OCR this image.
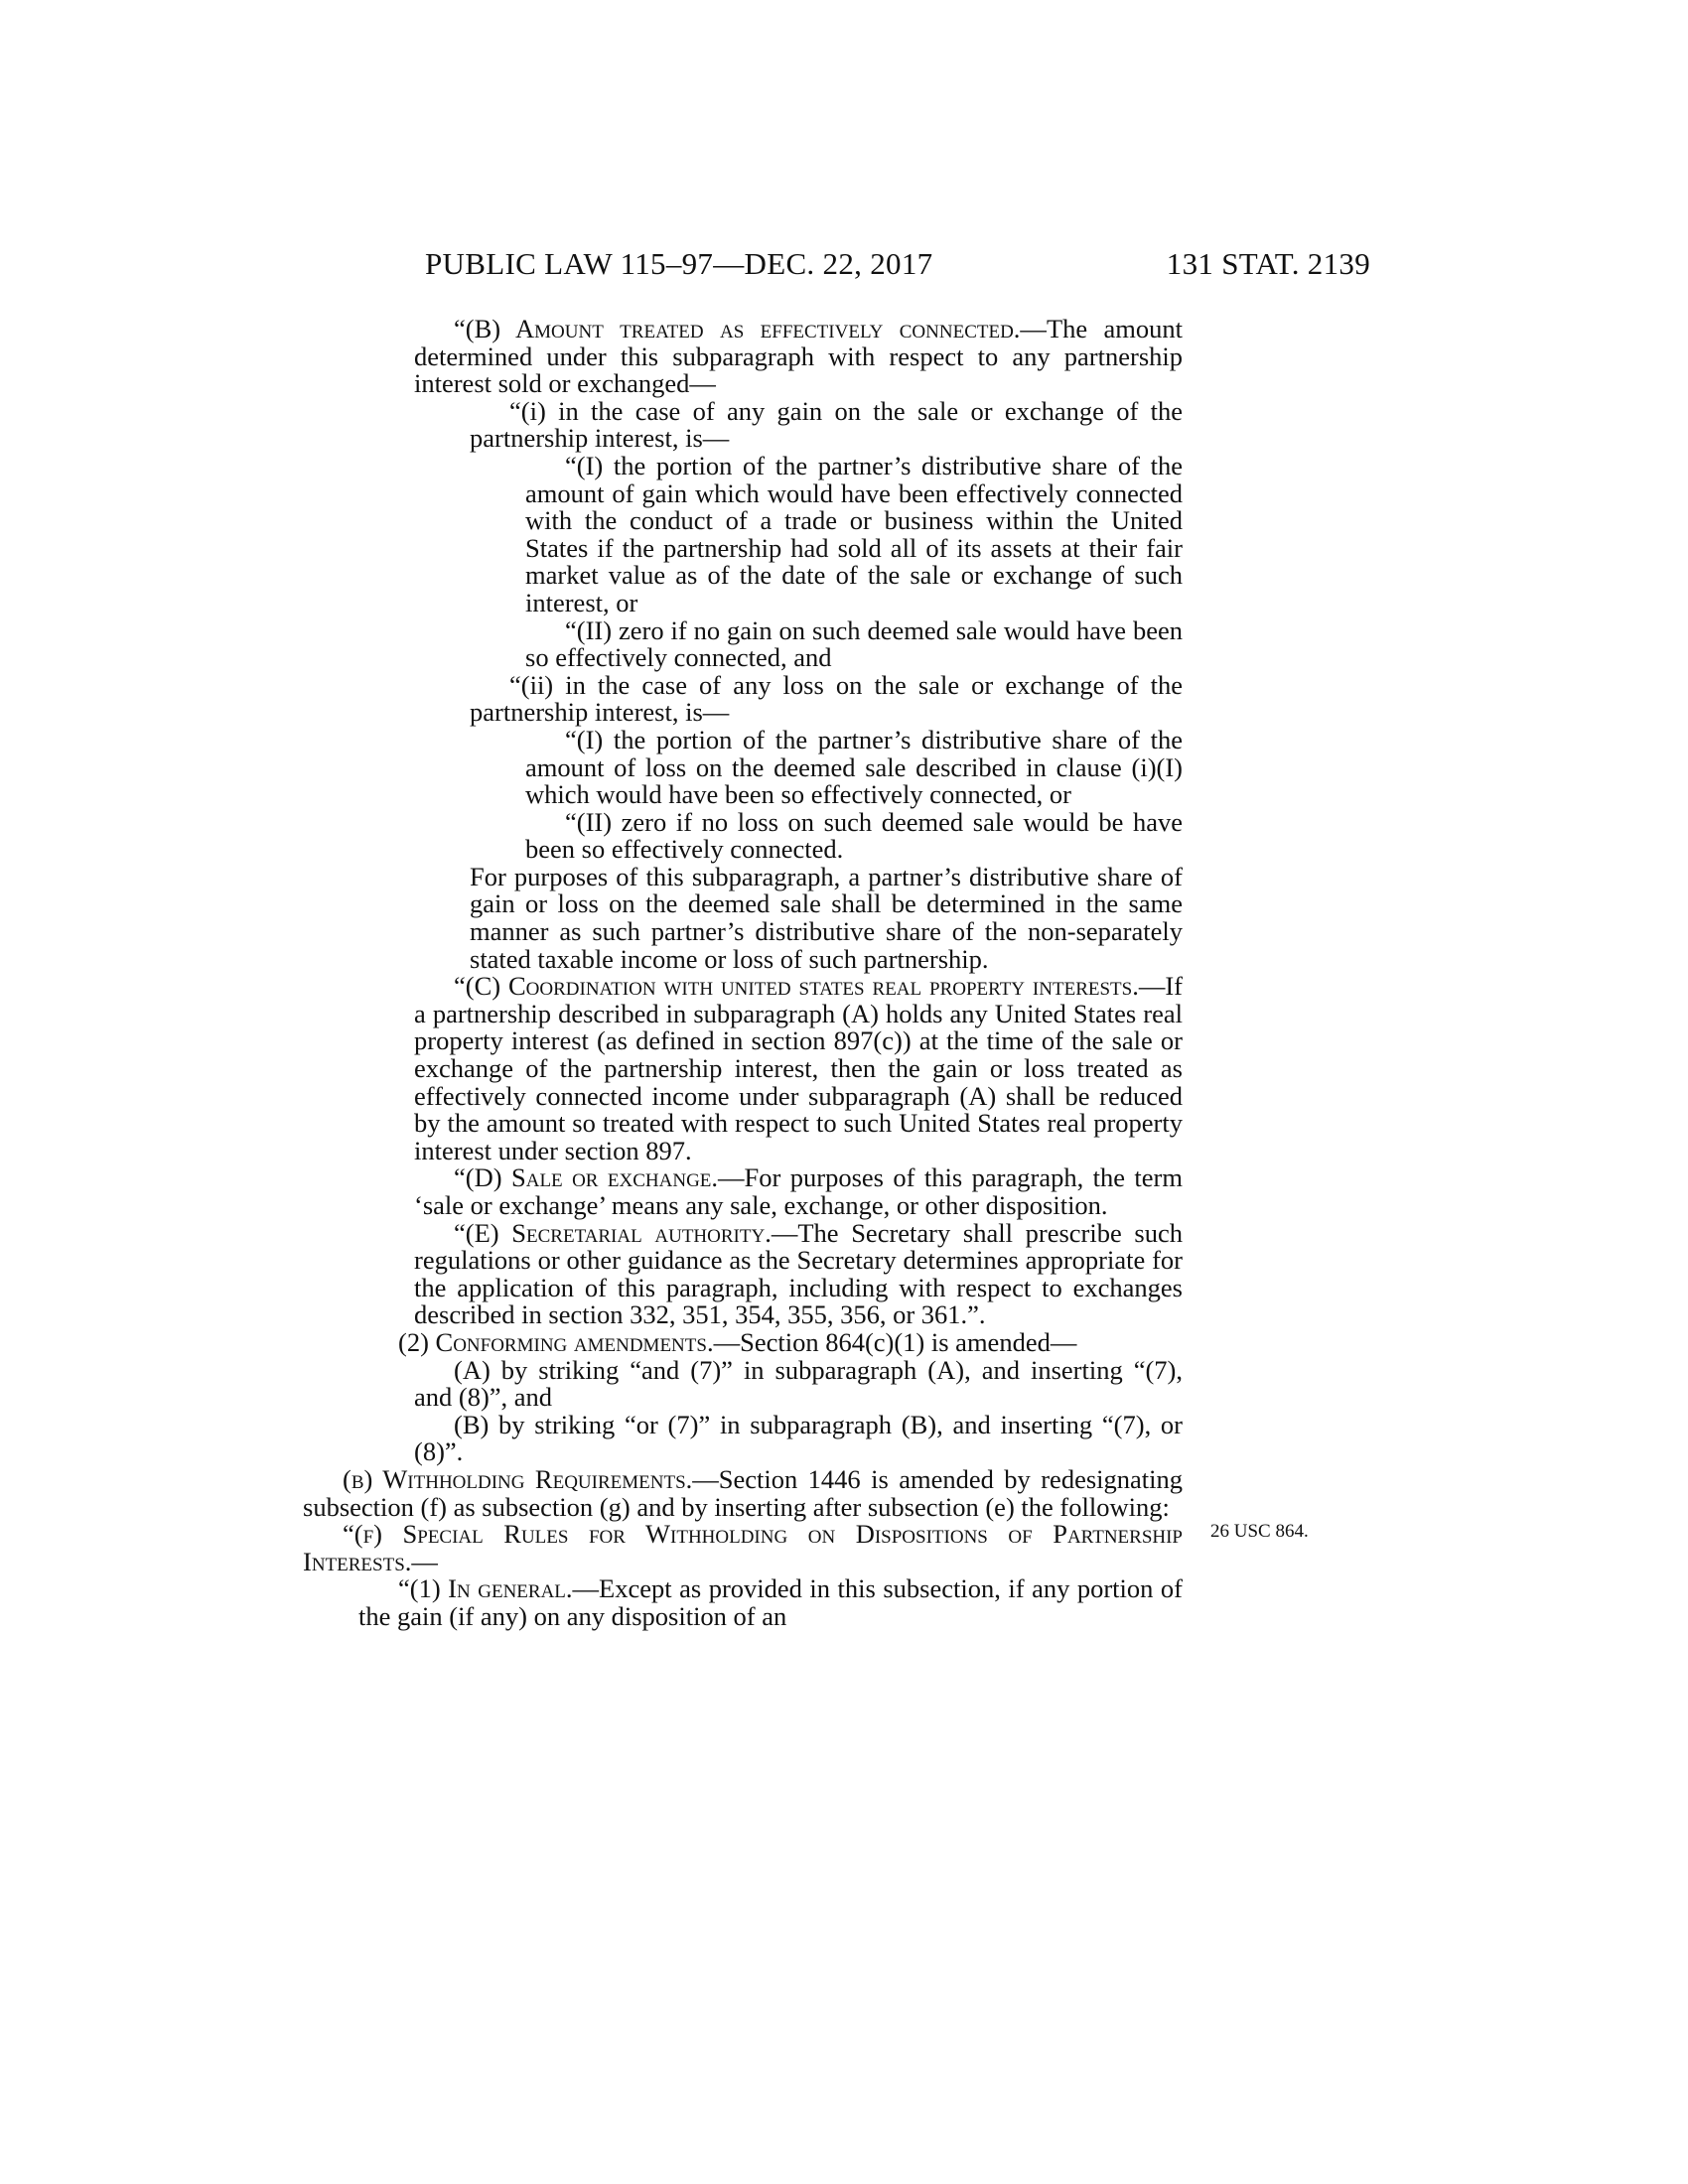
PUBLIC LAW 115–97—DEC. 22, 2017	131 STAT. 2139

“(B) Amount treated as effectively connected.—The amount determined under this subparagraph with respect to any partnership interest sold or exchanged—

“(i) in the case of any gain on the sale or exchange of the partnership interest, is—

“(I) the portion of the partner’s distributive share of the amount of gain which would have been effectively connected with the conduct of a trade or business within the United States if the partnership had sold all of its assets at their fair market value as of the date of the sale or exchange of such interest, or

“(II) zero if no gain on such deemed sale would have been so effectively connected, and

“(ii) in the case of any loss on the sale or exchange of the partnership interest, is—

“(I) the portion of the partner’s distributive share of the amount of loss on the deemed sale described in clause (i)(I) which would have been so effectively connected, or

“(II) zero if no loss on such deemed sale would be have been so effectively connected.

For purposes of this subparagraph, a partner’s distributive share of gain or loss on the deemed sale shall be determined in the same manner as such partner’s distributive share of the non-separately stated taxable income or loss of such partnership.

“(C) Coordination with united states real property interests.—If a partnership described in subparagraph (A) holds any United States real property interest (as defined in section 897(c)) at the time of the sale or exchange of the partnership interest, then the gain or loss treated as effectively connected income under subparagraph (A) shall be reduced by the amount so treated with respect to such United States real property interest under section 897.

“(D) Sale or exchange.—For purposes of this paragraph, the term ‘sale or exchange’ means any sale, exchange, or other disposition.

“(E) Secretarial authority.—The Secretary shall prescribe such regulations or other guidance as the Secretary determines appropriate for the application of this paragraph, including with respect to exchanges described in section 332, 351, 354, 355, 356, or 361.”.

(2) Conforming amendments.—Section 864(c)(1) is amended—

(A) by striking “and (7)” in subparagraph (A), and inserting “(7), and (8)”, and

(B) by striking “or (7)” in subparagraph (B), and inserting “(7), or (8)”.

(b) Withholding Requirements.—Section 1446 is amended by redesignating subsection (f) as subsection (g) and by inserting after subsection (e) the following:

“(f) Special Rules for Withholding on Dispositions of Partnership Interests.—

“(1) In general.—Except as provided in this subsection, if any portion of the gain (if any) on any disposition of an

26 USC 864.
